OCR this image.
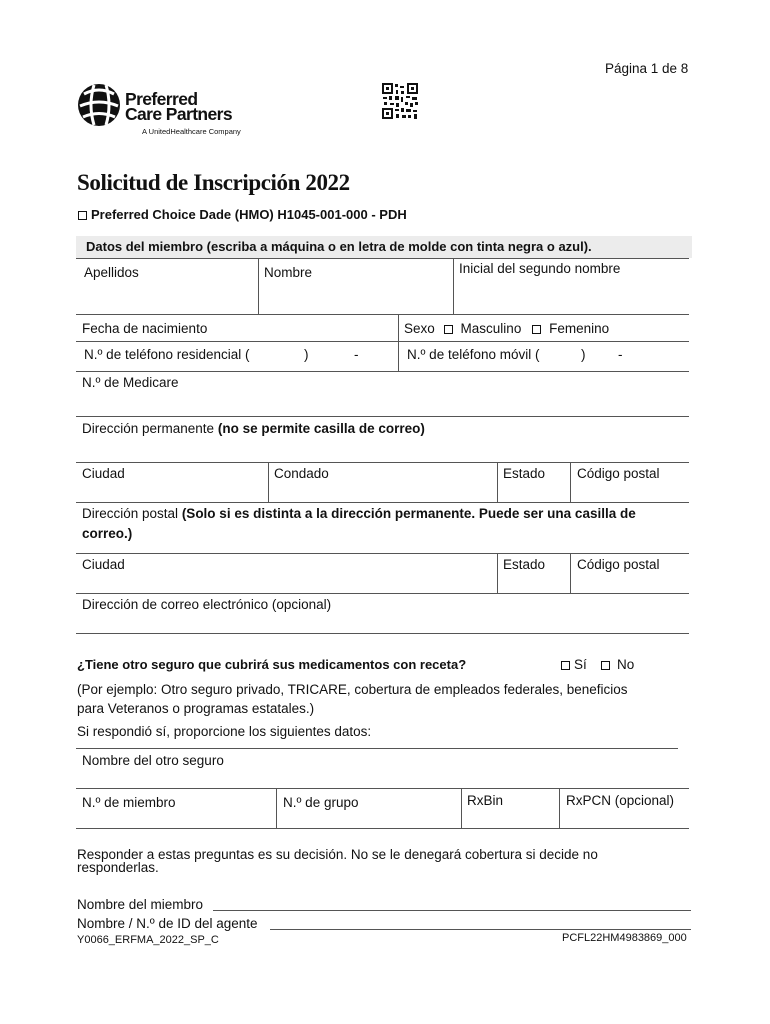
Página 1 de 8
Preferred
Care Partners
A UnitedHealthcare Company
Solicitud de Inscripción 2022
Preferred Choice Dade (HMO) H1045-001-000 - PDH
Datos del miembro (escriba a máquina o en letra de molde con tinta negra o azul).
Apellidos	Nombre	Inicial del segundo nombre
Fecha de nacimiento	Sexo Masculino Femenino
N.º de teléfono residencial (	)	-	N.º de teléfono móvil (	) -
N.º de Medicare
Dirección permanente (no se permite casilla de correo)
Ciudad	Condado	Estado Código postal
Dirección postal (Solo si es distinta a la dirección permanente. Puede ser una casilla de
correo.)
Ciudad	Estado Código postal
Dirección de correo electrónico (opcional)
¿Tiene otro seguro que cubrirá sus medicamentos con receta?	Sí	No
(Por ejemplo: Otro seguro privado, TRICARE, cobertura de empleados federales, beneficios
para Veteranos o programas estatales.)
Si respondió sí, proporcione los siguientes datos:
Nombre del otro seguro
N.º de miembro	N.º de grupo	RxBin	RxPCN (opcional)
Responder a estas preguntas es su decisión. No se le denegará cobertura si decide no
responderlas.
Nombre del miembro
Nombre / N.º de ID del agente
Y0066_ERFMA_2022_SP_C	PCFL22HM4983869_000
